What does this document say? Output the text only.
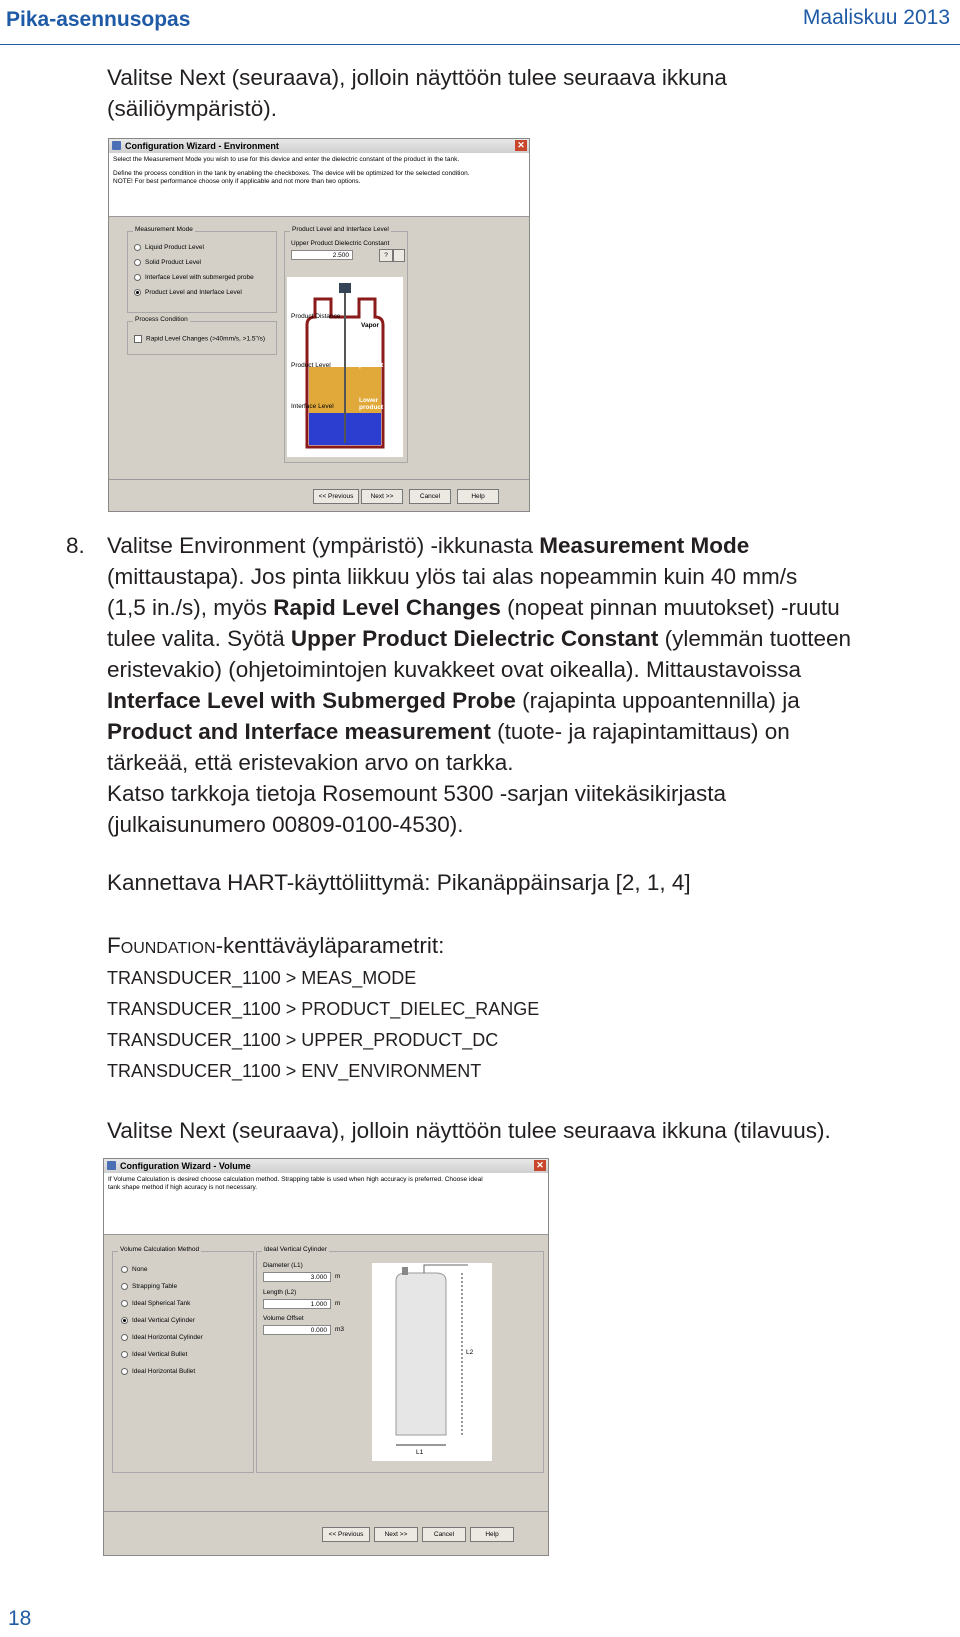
Pika-asennusopas	Maaliskuu 2013
Valitse Next (seuraava), jolloin näyttöön tulee seuraava ikkuna
(säiliöympäristö).
Configuration Wizard - Environment	✕
Select the Measurement Mode you wish to use for this device and enter the dielectric constant of the product in the tank.
Define the process condition in the tank by enabling the checkboxes. The device will be optimized for the selected condition.
NOTE! For best performance choose only if applicable and not more than two options.
Measurement Mode
Liquid Product Level
Solid Product Level
Interface Level with submerged probe
Product Level and Interface Level
Process Condition
Rapid Level Changes (>40mm/s, >1.5"/s)
Product Level and Interface Level
Upper Product Dielectric Constant
2.500	?
Product Distance
Product Level
Interface Level
Vapor
Upper
product
Lower
product
<< Previous	Next >>	Cancel	Help
8. Valitse Environment (ympäristö) -ikkunasta Measurement Mode
(mittaustapa). Jos pinta liikkuu ylös tai alas nopeammin kuin 40 mm/s
(1,5 in./s), myös Rapid Level Changes (nopeat pinnan muutokset) -ruutu
tulee valita. Syötä Upper Product Dielectric Constant (ylemmän tuotteen
eristevakio) (ohjetoimintojen kuvakkeet ovat oikealla). Mittaustavoissa
Interface Level with Submerged Probe (rajapinta uppoantennilla) ja
Product and Interface measurement (tuote- ja rajapintamittaus) on
tärkeää, että eristevakion arvo on tarkka.
Katso tarkkoja tietoja Rosemount 5300 -sarjan viitekäsikirjasta
(julkaisunumero 00809-0100-4530).
Kannettava HART-käyttöliittymä: Pikanäppäinsarja [2, 1, 4]
Foundation-kenttäväyläparametrit:
TRANSDUCER_1100 > MEAS_MODE
TRANSDUCER_1100 > PRODUCT_DIELEC_RANGE
TRANSDUCER_1100 > UPPER_PRODUCT_DC
TRANSDUCER_1100 > ENV_ENVIRONMENT
Valitse Next (seuraava), jolloin näyttöön tulee seuraava ikkuna (tilavuus).
Configuration Wizard - Volume	✕
If Volume Calculation is desired choose calculation method. Strapping table is used when high accuracy is preferred. Choose ideal
tank shape method if high acuracy is not necessary.
Volume Calculation Method
None
Strapping Table
Ideal Spherical Tank
Ideal Vertical Cylinder
Ideal Horizontal Cylinder
Ideal Vertical Bullet
Ideal Horizontal Bullet
Ideal Vertical Cylinder
Diameter (L1)
3.000	m
Length (L2)
1.000	m
Volume Offset
0.000	m3
L2
L1
<< Previous	Next >>	Cancel	Help
18
